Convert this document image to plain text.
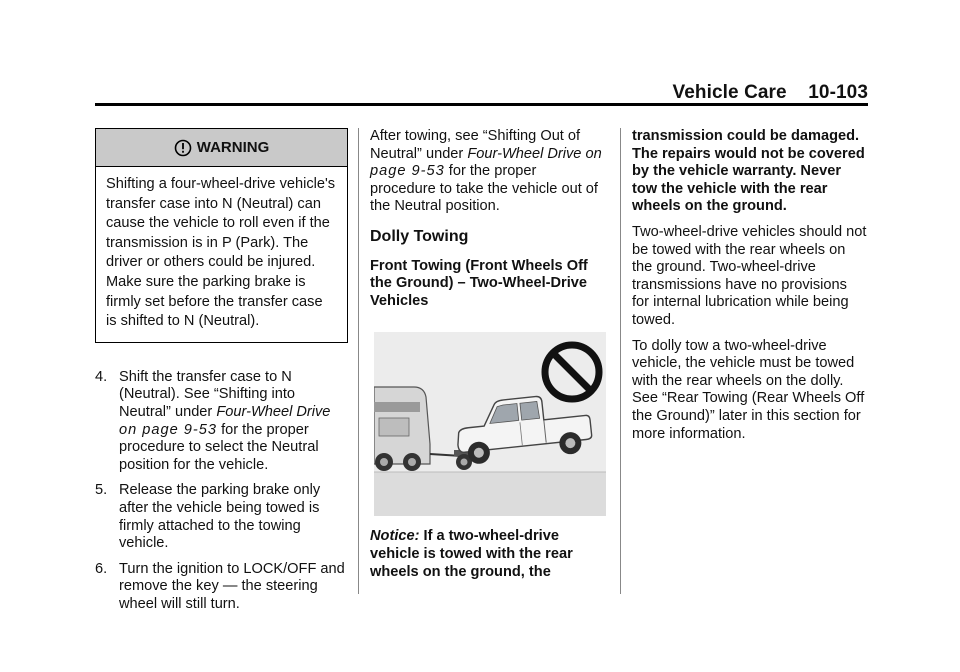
Vehicle Care 10-103
WARNING
Shifting a four-wheel-drive vehicle's transfer case into N (Neutral) can cause the vehicle to roll even if the transmission is in P (Park). The driver or others could be injured. Make sure the parking brake is firmly set before the transfer case is shifted to N (Neutral).
4. Shift the transfer case to N (Neutral). See “Shifting into Neutral” under Four-Wheel Drive
on page 9-53 for the proper procedure to select the Neutral position for the vehicle.
5. Release the parking brake only after the vehicle being towed is firmly attached to the towing vehicle.
6. Turn the ignition to LOCK/OFF and remove the key — the steering wheel will still turn.

After towing, see “Shifting Out of Neutral” under Four-Wheel Drive on
page 9-53 for the proper procedure to take the vehicle out of the Neutral position.

Dolly Towing
Front Towing (Front Wheels Off the Ground) – Two-Wheel-Drive Vehicles

Notice: If a two-wheel-drive vehicle is towed with the rear wheels on the ground, the

transmission could be damaged. The repairs would not be covered by the vehicle warranty. Never tow the vehicle with the rear wheels on the ground.

Two-wheel-drive vehicles should not be towed with the rear wheels on the ground. Two-wheel-drive transmissions have no provisions for internal lubrication while being towed.

To dolly tow a two-wheel-drive vehicle, the vehicle must be towed with the rear wheels on the dolly. See “Rear Towing (Rear Wheels Off the Ground)” later in this section for more information.
